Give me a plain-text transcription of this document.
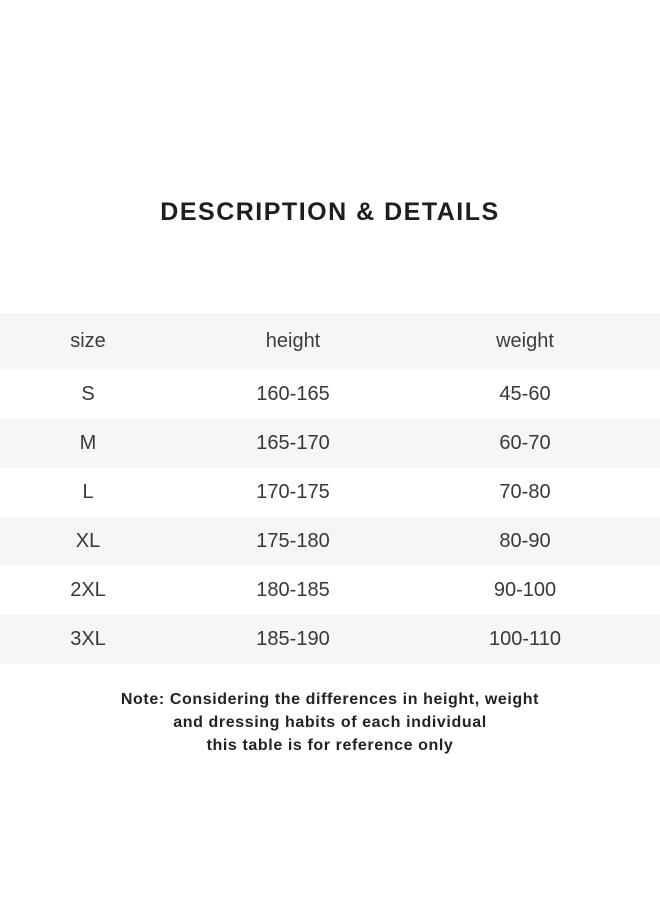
DESCRIPTION & DETAILS
size	height	weight
S	160-165	45-60
M	165-170	60-70
L	170-175	70-80
XL	175-180	80-90
2XL	180-185	90-100
3XL	185-190	100-110
Note: Considering the differences in height, weight
and dressing habits of each individual
this table is for reference only
